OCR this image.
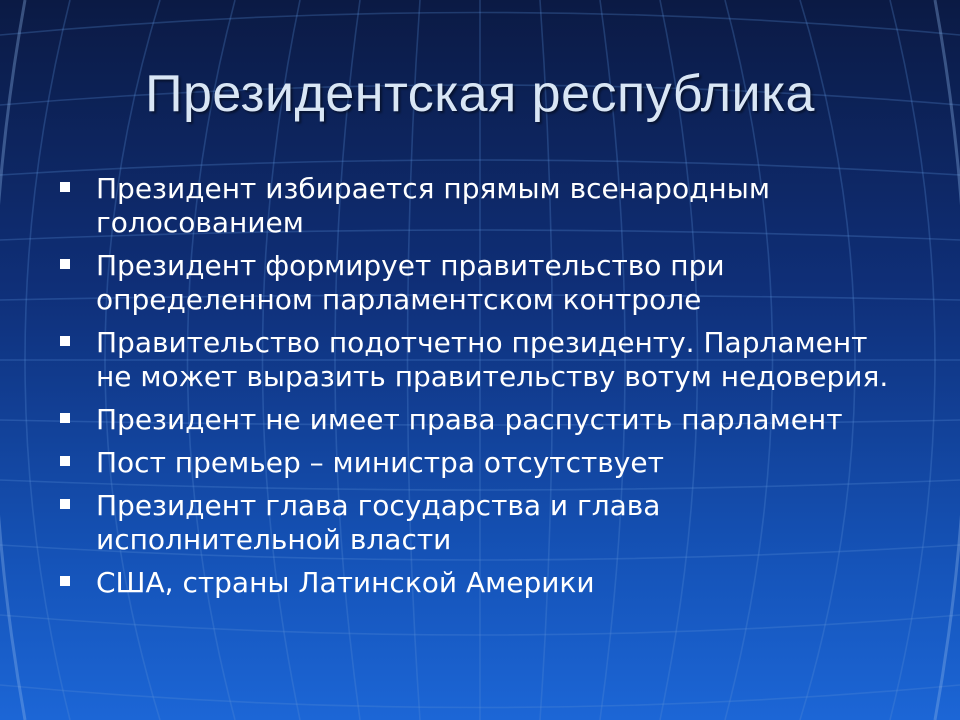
Президентская республика
Президент избирается прямым всенародным голосованием
Президент формирует правительство при определенном парламентском контроле
Правительство подотчетно президенту. Парламент не может выразить правительству вотум недоверия.
Президент не имеет права распустить парламент
Пост премьер – министра отсутствует
Президент глава государства и глава исполнительной власти
США, страны Латинской Америки
